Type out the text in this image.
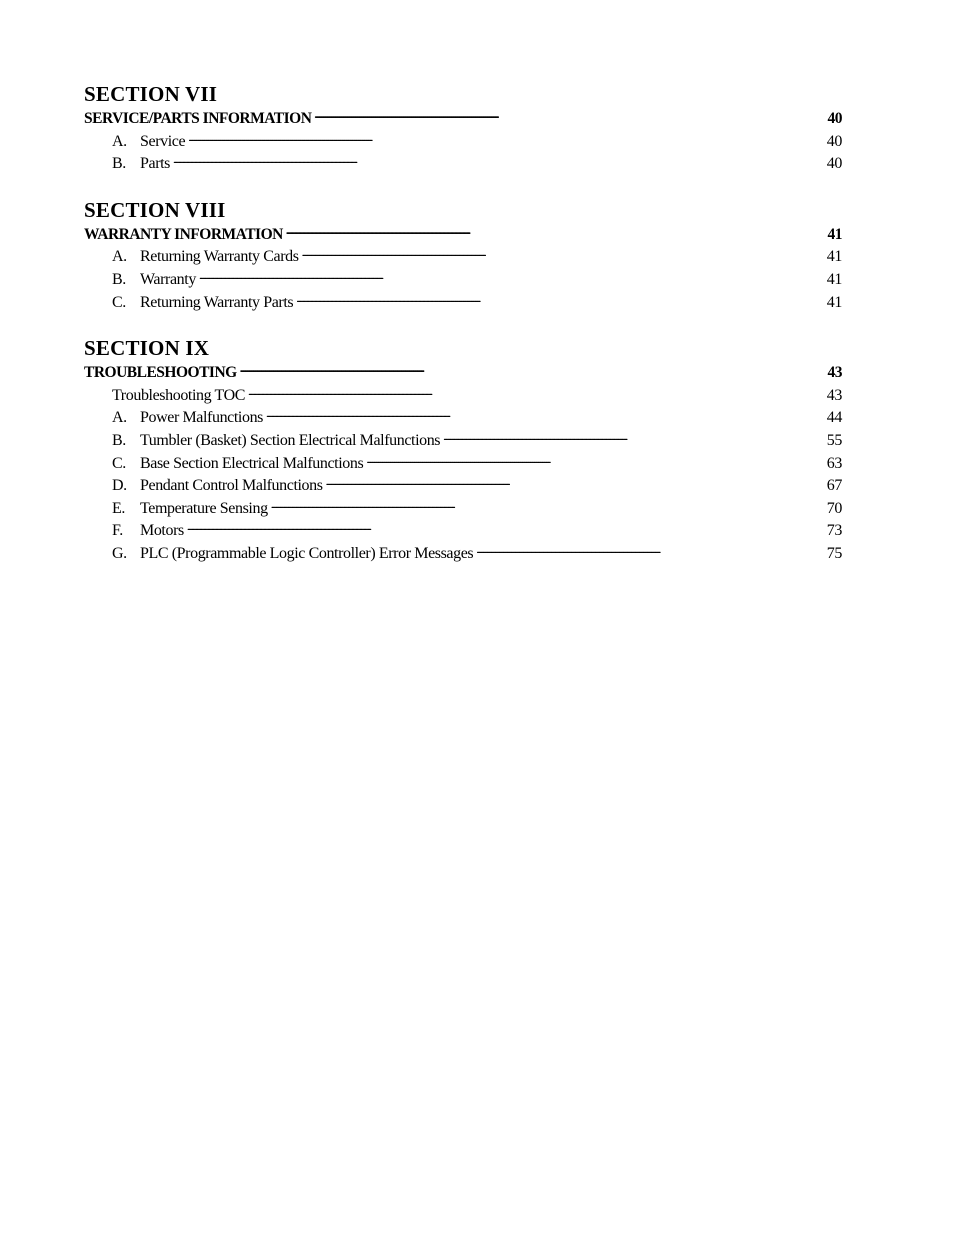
SECTION VII
SERVICE/PARTS INFORMATION . . .	40
A. Service . . .	40
B. Parts . . .	40
SECTION VIII
WARRANTY INFORMATION . . .	41
A. Returning Warranty Cards . . .	41
B. Warranty . . .	41
C. Returning Warranty Parts . . .	41
SECTION IX
TROUBLESHOOTING . . .	43
Troubleshooting TOC . . .	43
A. Power Malfunctions . . .	44
B. Tumbler (Basket) Section Electrical Malfunctions . . .	55
C. Base Section Electrical Malfunctions . . .	63
D. Pendant Control Malfunctions . . .	67
E. Temperature Sensing . . .	70
F.	Motors . . .	73
G. PLC (Programmable Logic Controller) Error Messages . . .	75
